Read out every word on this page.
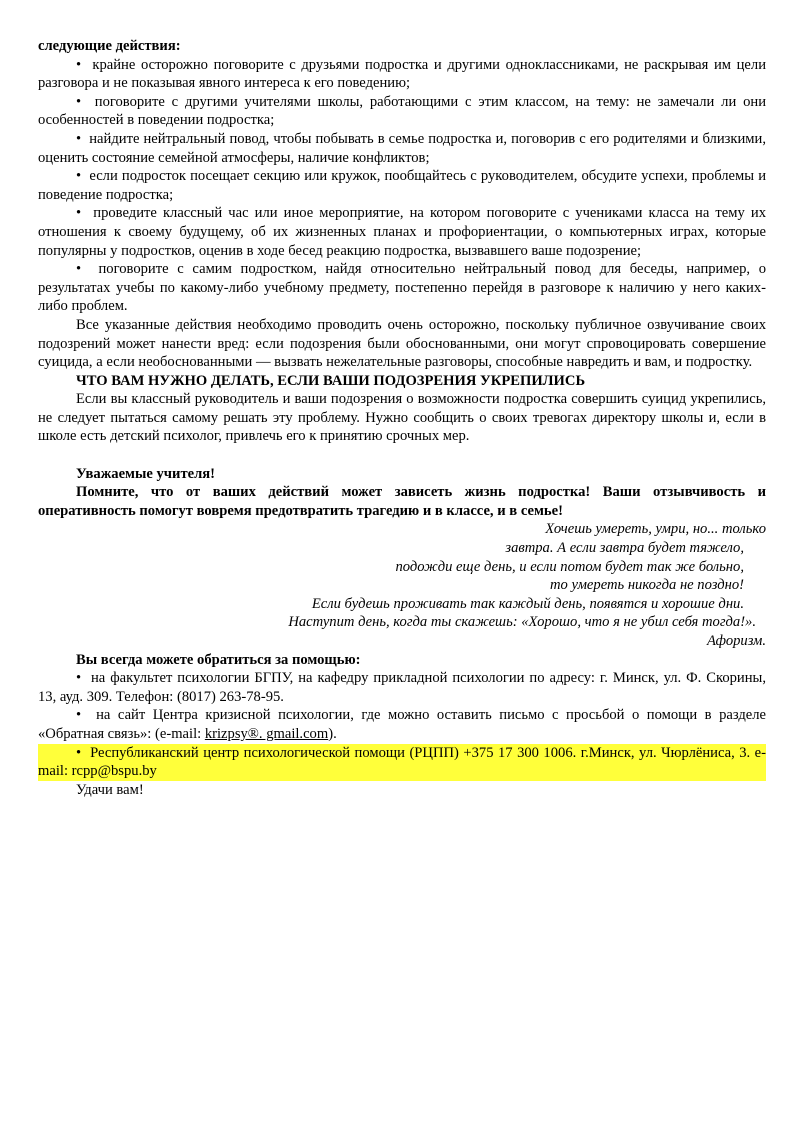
следующие действия:

•  крайне осторожно поговорите с друзьями подростка и другими одноклассниками, не раскрывая им цели разговора и не показывая явного интереса к его поведению;

•  поговорите с другими учителями школы, работающими с этим классом, на тему: не замечали ли они особенностей в поведении подростка;

•  найдите нейтральный повод, чтобы побывать в семье подростка и, поговорив с его родителями и близкими, оценить состояние семейной атмосферы, наличие конфликтов;

•  если подросток посещает секцию или кружок, пообщайтесь с руководителем, обсудите успехи, проблемы и поведение подростка;

•  проведите классный час или иное мероприятие, на котором поговорите с учениками класса на тему их отношения к своему будущему, об их жизненных планах и профориентации, о компьютерных играх, которые популярны у подростков, оценив в ходе бесед реакцию подростка, вызвавшего ваше подозрение;

•  поговорите с самим подростком, найдя относительно нейтральный повод для беседы, например, о результатах учебы по какому-либо учебному предмету, постепенно перейдя в разговоре к наличию у него каких-либо проблем.

Все указанные действия необходимо проводить очень осторожно, поскольку публичное озвучивание своих подозрений может нанести вред: если подозрения были обоснованными, они могут спровоцировать совершение суицида, а если необоснованными — вызвать нежелательные разговоры, способные навредить и вам, и подростку.

ЧТО ВАМ НУЖНО ДЕЛАТЬ, ЕСЛИ ВАШИ ПОДОЗРЕНИЯ УКРЕПИЛИСЬ

Если вы классный руководитель и ваши подозрения о возможности подростка совершить суицид укрепились, не следует пытаться самому решать эту проблему. Нужно сообщить о своих тревогах директору школы и, если в школе есть детский психолог, привлечь его к принятию срочных мер.

Уважаемые учителя!

Помните, что от ваших действий может зависеть жизнь подростка! Ваши отзывчивость и оперативность помогут вовремя предотвратить трагедию и в классе, и в семье!

Хочешь умереть, умри, но... только

завтра. А если завтра будет тяжело,

подожди еще день, и если потом будет так же больно,

то умереть никогда не поздно!

Если будешь проживать так каждый день, появятся и хорошие дни.

Наступит день, когда ты скажешь: «Хорошо, что я не убил себя тогда!».

Афоризм.

Вы всегда можете обратиться за помощью:

•  на факультет психологии БГПУ, на кафедру прикладной психологии по адресу: г. Минск, ул. Ф. Скорины, 13, ауд. 309. Телефон: (8017) 263-78-95.

•  на сайт Центра кризисной психологии, где можно оставить письмо с просьбой о помощи в разделе «Обратная связь»: (e-mail: krizpsy®. gmail.com).

•  Республиканский центр психологической помощи (РЦПП) +375 17 300 1006. г.Минск, ул. Чюрлёниса, 3. e-mail: rcpp@bspu.by

Удачи вам!
